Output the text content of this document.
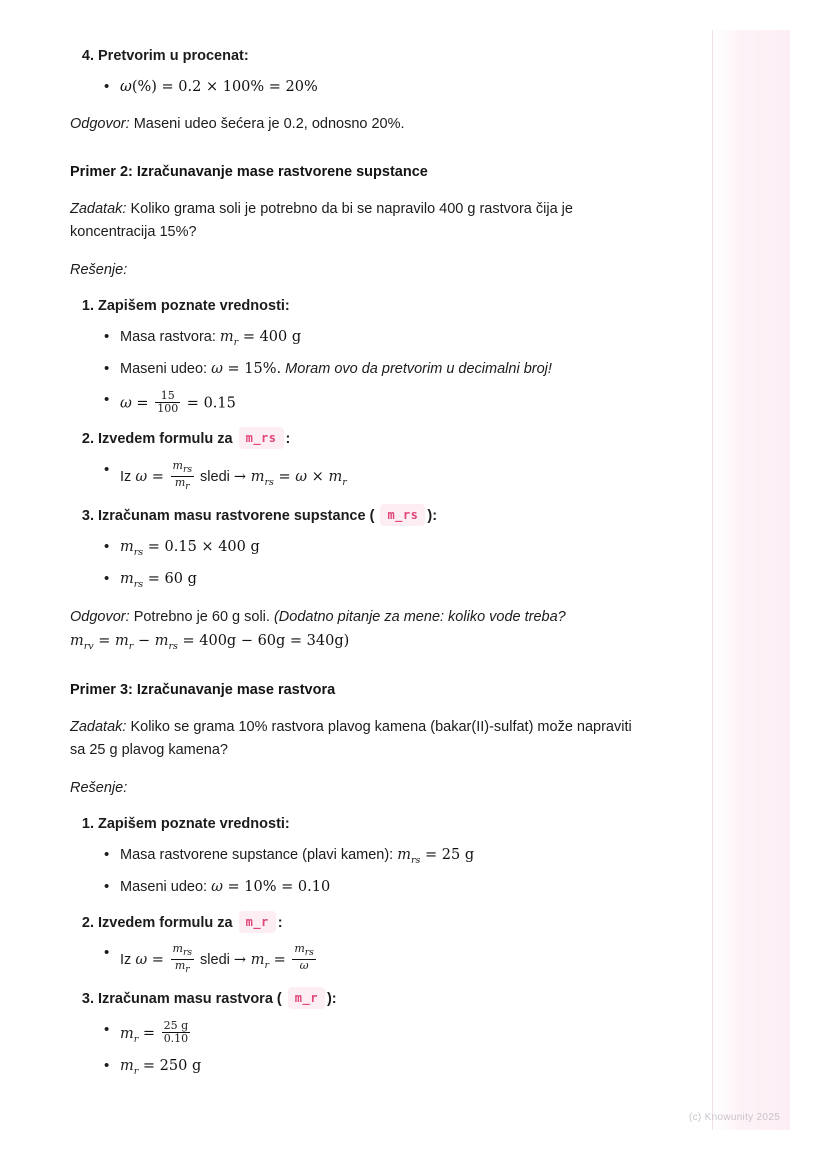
4. Pretvorim u procenat:
• ω(%) = 0.2 × 100% = 20%

Odgovor: Maseni udeo šećera je 0.2, odnosno 20%.

Primer 2: Izračunavanje mase rastvorene supstance

Zadatak: Koliko grama soli je potrebno da bi se napravilo 400 g rastvora čija je koncentracija 15%?

Rešenje:

1. Zapišem poznate vrednosti:
• Masa rastvora: $m_r = 400$ g
• Maseni udeo: ω = 15%. Moram ovo da pretvorim u decimalni broj!
• $\omega = \frac{15}{100} = 0.15$
2. Izvedem formulu za m_rs :
• Iz $\omega = \frac{m_{rs}}{m_r}$ sledi → $m_{rs} = \omega \times m_r$
3. Izračunam masu rastvorene supstance ( m_rs ):
• $m_{rs} = 0.15 \times 400$ g
• $m_{rs} = 60$ g

Odgovor: Potrebno je 60 g soli. (Dodatno pitanje za mene: koliko vode treba?
$m_{rv} = m_r - m_{rs} = 400g - 60g = 340g$)

Primer 3: Izračunavanje mase rastvora

Zadatak: Koliko se grama 10% rastvora plavog kamena (bakar(II)-sulfat) može napraviti sa 25 g plavog kamena?

Rešenje:

1. Zapišem poznate vrednosti:
• Masa rastvorene supstance (plavi kamen): $m_{rs} = 25$ g
• Maseni udeo: ω = 10% = 0.10
2. Izvedem formulu za m_r :
• Iz $\omega = \frac{m_{rs}}{m_r}$ sledi → $m_r = \frac{m_{rs}}{\omega}$
3. Izračunam masu rastvora ( m_r ):
• $m_r = \frac{25 g}{0.10}$
• $m_r = 250$ g
(c) Knowunity 2025
